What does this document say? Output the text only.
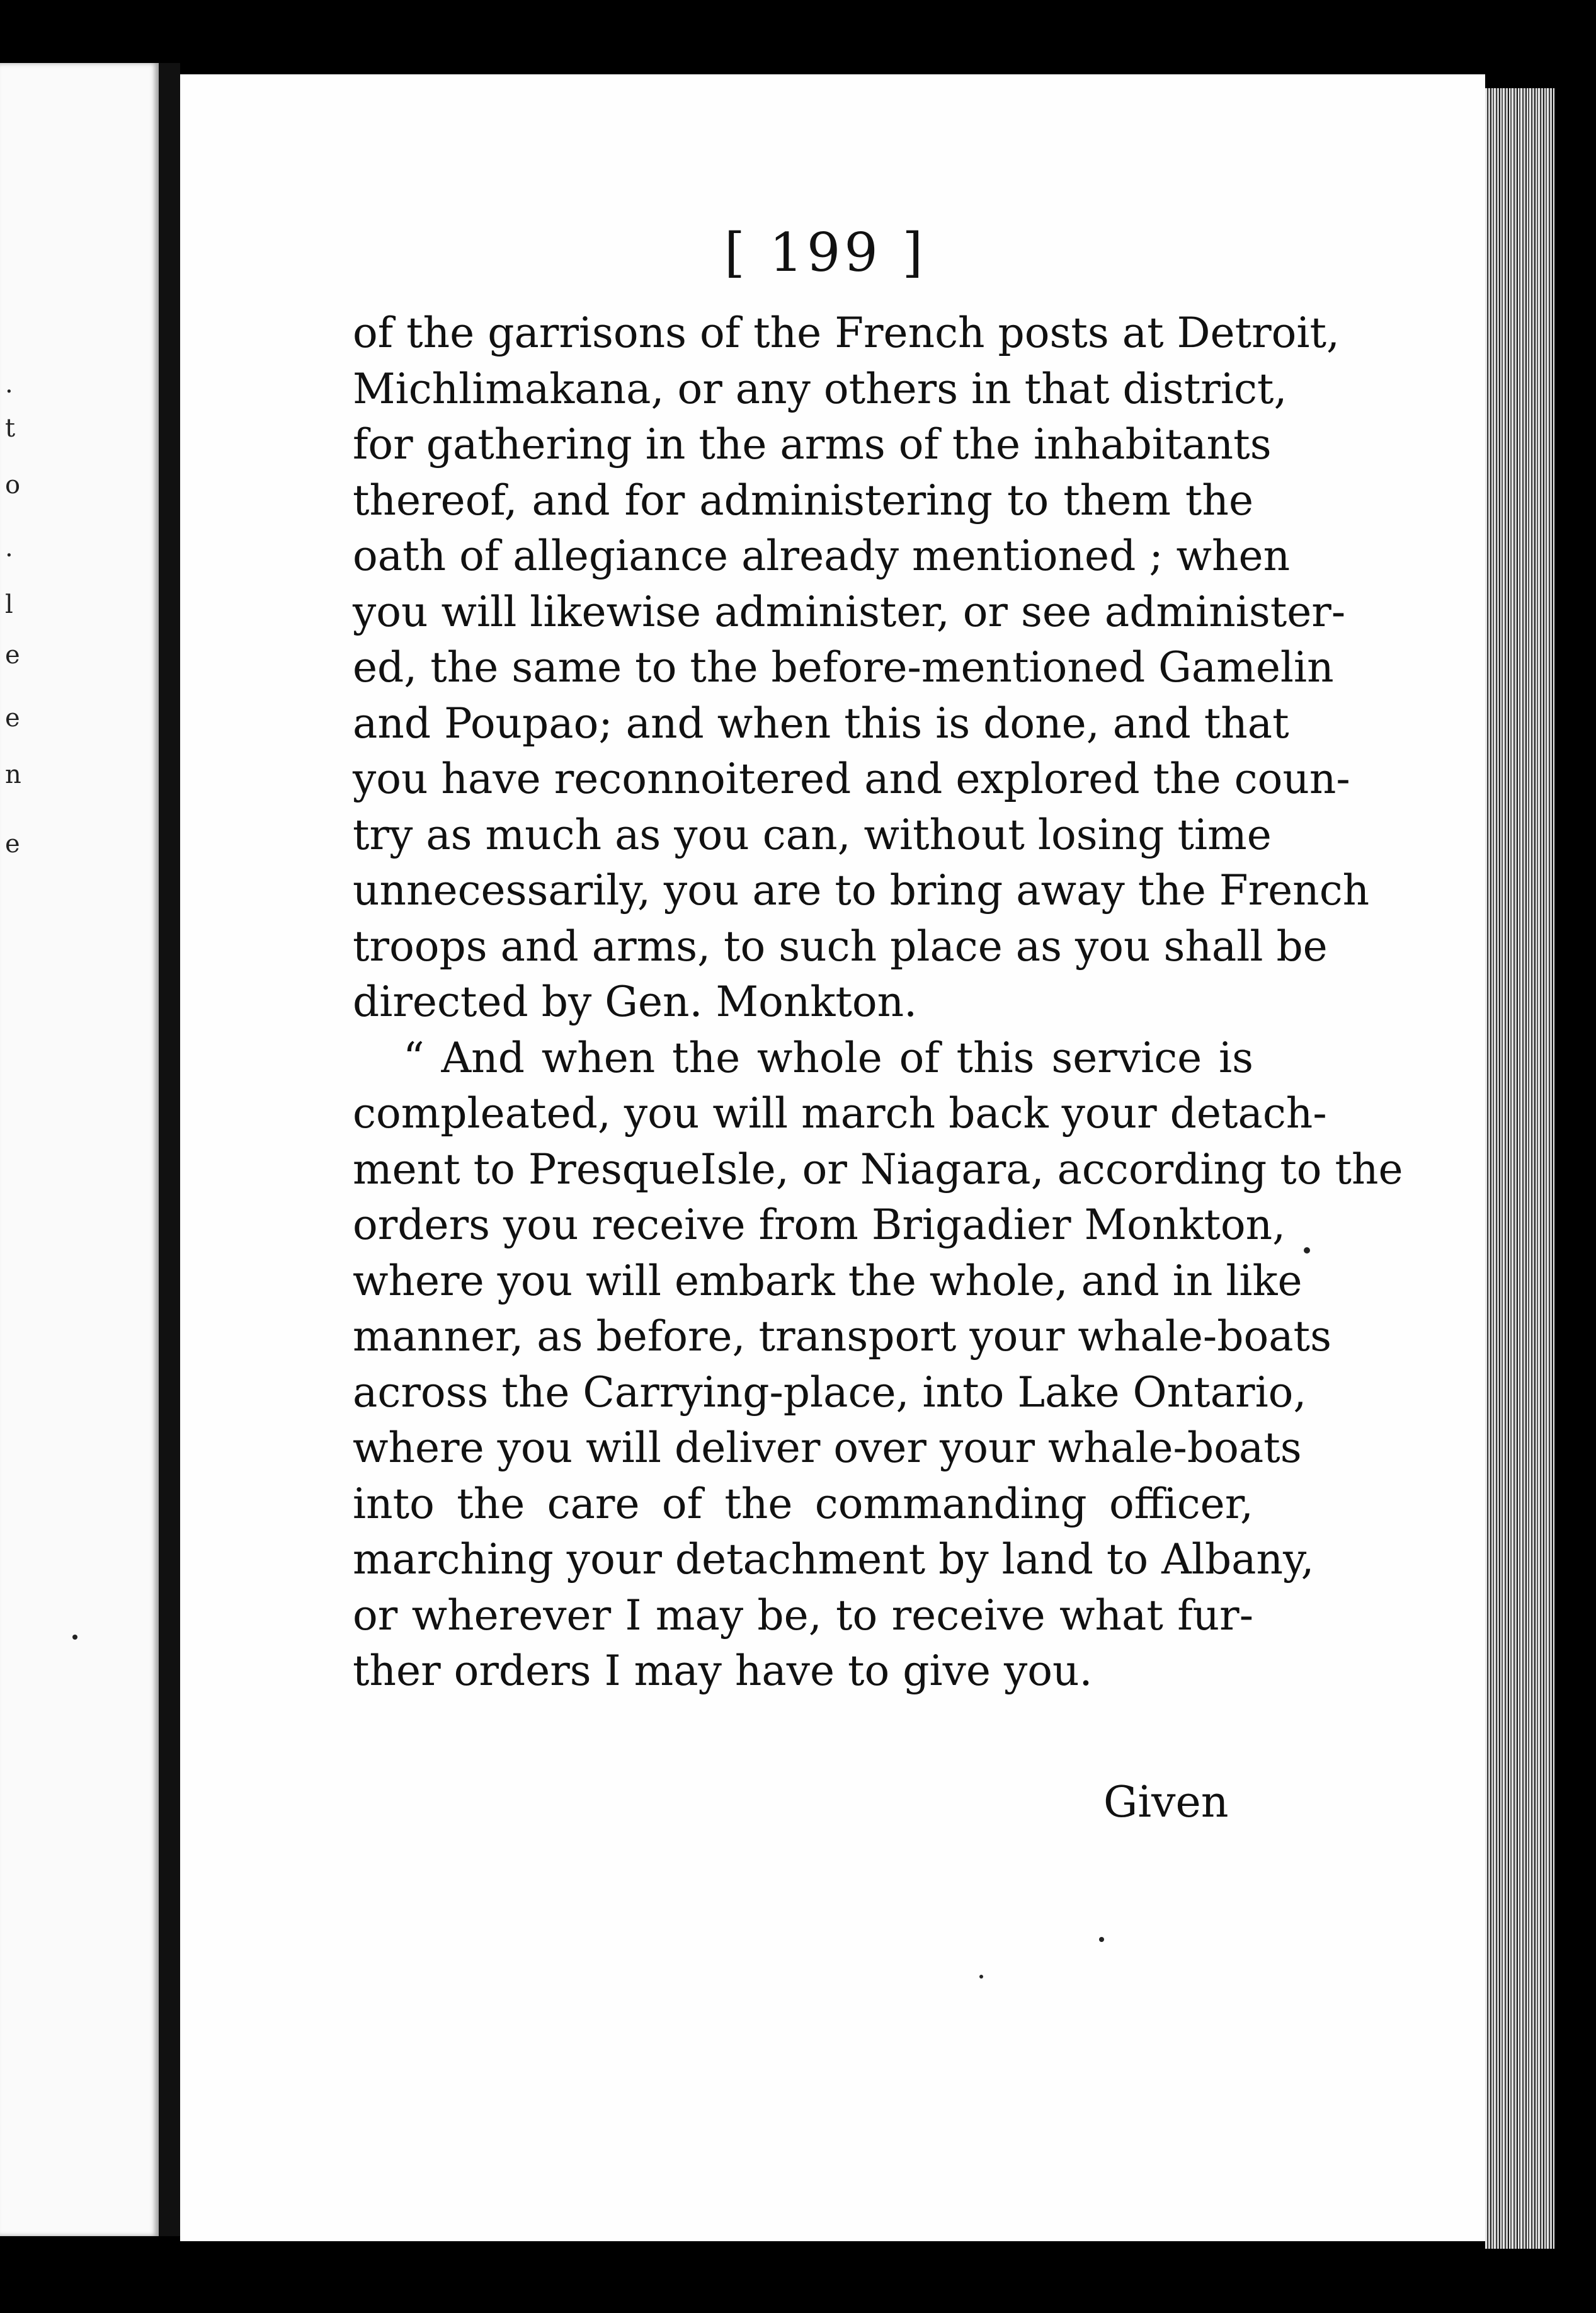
.
t
o
.
l
e
e
n
e
[ 199 ]
of the garrisons of the French posts at Detroit,
Michlimakana, or any others in that district,
for gathering in the arms of the inhabitants
thereof, and for administering to them the
oath of allegiance already mentioned ; when
you will likewise administer, or see administer-
ed, the same to the before-mentioned Gamelin
and Poupao; and when this is done, and that
you have reconnoitered and explored the coun-
try as much as you can, without losing time
unnecessarily, you are to bring away the French
troops and arms, to such place as you shall be
directed by Gen. Monkton.
“ And when the whole of this service is
compleated, you will march back your detach-
ment to PresqueIsle, or Niagara, according to the
orders you receive from Brigadier Monkton,
where you will embark the whole, and in like
manner, as before, transport your whale-boats
across the Carrying-place, into Lake Ontario,
where you will deliver over your whale-boats
into the care of the commanding officer,
marching your detachment by land to Albany,
or wherever I may be, to receive what fur-
ther orders I may have to give you.
Given
